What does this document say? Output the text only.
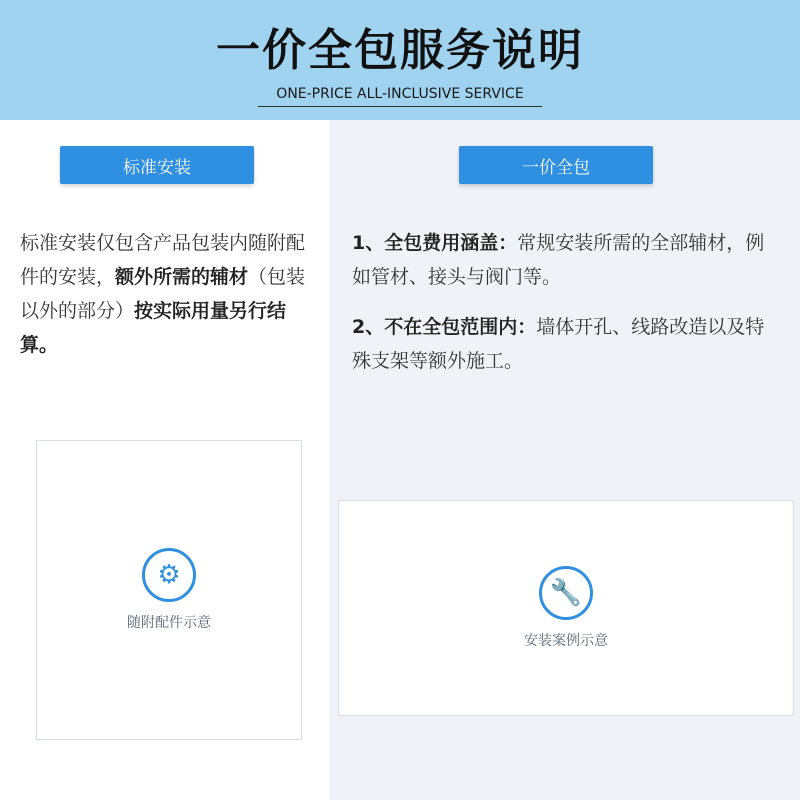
一价全包服务说明
ONE-PRICE ALL-INCLUSIVE SERVICE
标准安装
标准安装仅包含产品包装内随附配件的安装，额外所需的辅材（包装以外的部分）按实际用量另行结算。
⚙
随附配件示意
一价全包

1、全包费用涵盖：常规安装所需的全部辅材，例如管材、接头与阀门等。

2、不在全包范围内：墙体开孔、线路改造以及特殊支架等额外施工。

🔧
安装案例示意
